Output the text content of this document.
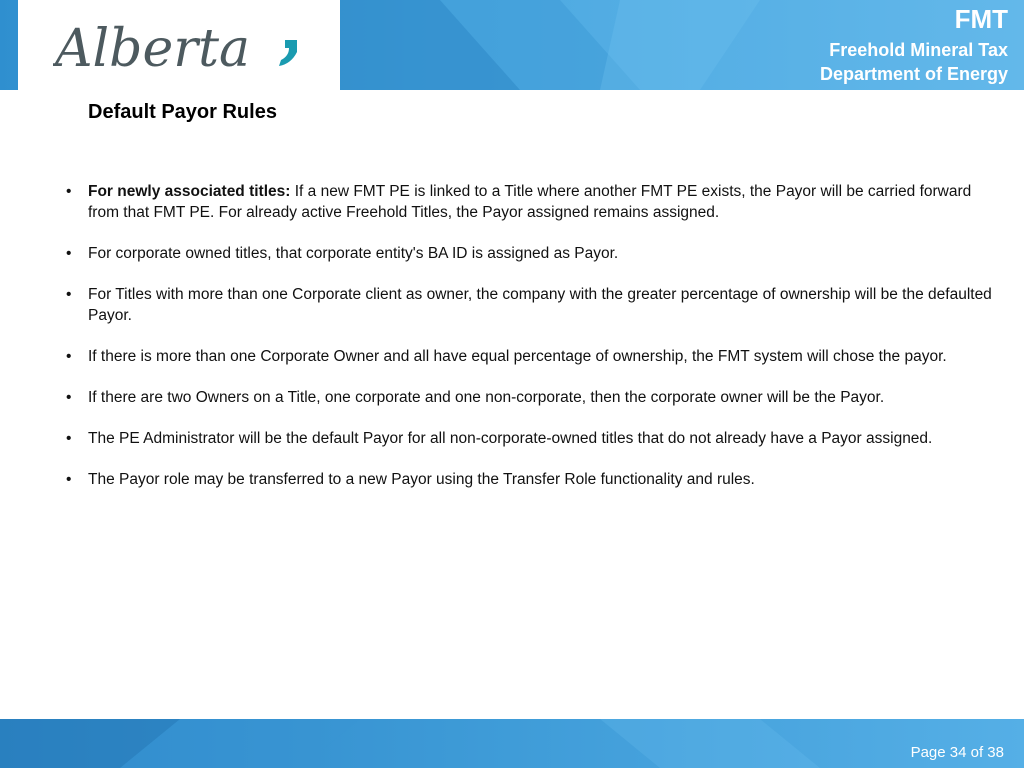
Alberta	FMT
Freehold Mineral Tax
Department of Energy
Default Payor Rules
• For newly associated titles: If a new FMT PE is linked to a Title where another FMT PE exists, the Payor will be carried forward from that FMT PE. For already active Freehold Titles, the Payor assigned remains assigned.
• For corporate owned titles, that corporate entity's BA ID is assigned as Payor.
• For Titles with more than one Corporate client as owner, the company with the greater percentage of ownership will be the defaulted Payor.
• If there is more than one Corporate Owner and all have equal percentage of ownership, the FMT system will chose the payor.
• If there are two Owners on a Title, one corporate and one non-corporate, then the corporate owner will be the Payor.
• The PE Administrator will be the default Payor for all non-corporate-owned titles that do not already have a Payor assigned.
• The Payor role may be transferred to a new Payor using the Transfer Role functionality and rules.
Page 34 of 38
